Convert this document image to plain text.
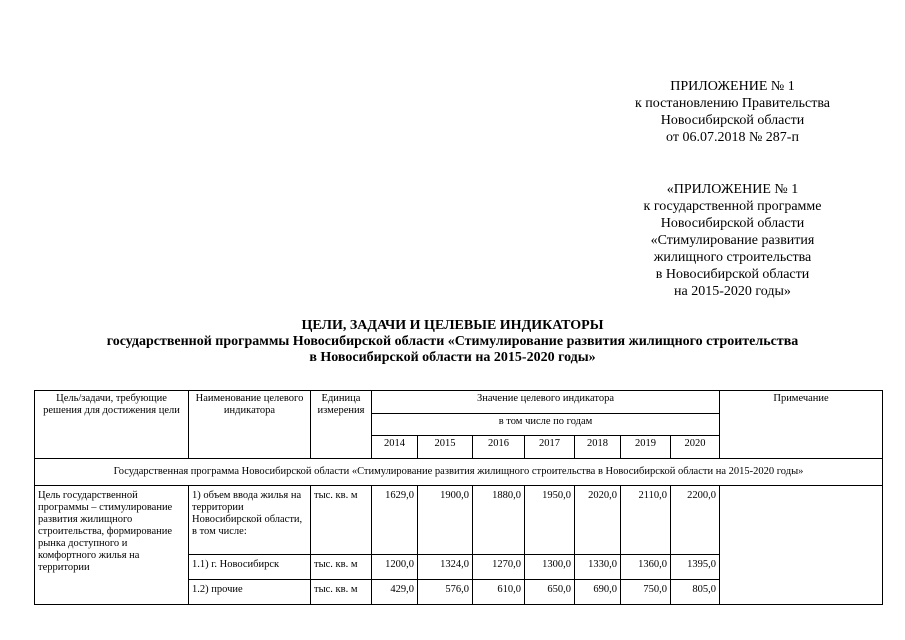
ПРИЛОЖЕНИЕ № 1
к постановлению Правительства
Новосибирской области
от 06.07.2018 № 287-п
«ПРИЛОЖЕНИЕ № 1
к государственной программе
Новосибирской области
«Стимулирование развития
жилищного строительства
в Новосибирской области
на 2015-2020 годы»
ЦЕЛИ, ЗАДАЧИ И ЦЕЛЕВЫЕ ИНДИКАТОРЫ
государственной программы Новосибирской области «Стимулирование развития жилищного строительства
в Новосибирской области на 2015-2020 годы»
Цель/задачи, требующие решения для достижения цели	Наименование целевого индикатора	Единица измерения	Значение целевого индикатора							Примечание
			в том числе по годам							
			2014	2015	2016	2017	2018	2019	2020	
Государственная программа Новосибирской области «Стимулирование развития жилищного строительства в Новосибирской области на 2015-2020 годы»										
Цель государственной программы – стимулирование развития жилищного строительства, формирование рынка доступного и комфортного жилья на территории	1) объем ввода жилья на территории Новосибирской области, в том числе:	тыс. кв. м	1629,0	1900,0	1880,0	1950,0	2020,0	2110,0	2200,0	
	1.1) г. Новосибирск	тыс. кв. м	1200,0	1324,0	1270,0	1300,0	1330,0	1360,0	1395,0	
	1.2) прочие	тыс. кв. м	429,0	576,0	610,0	650,0	690,0	750,0	805,0	
